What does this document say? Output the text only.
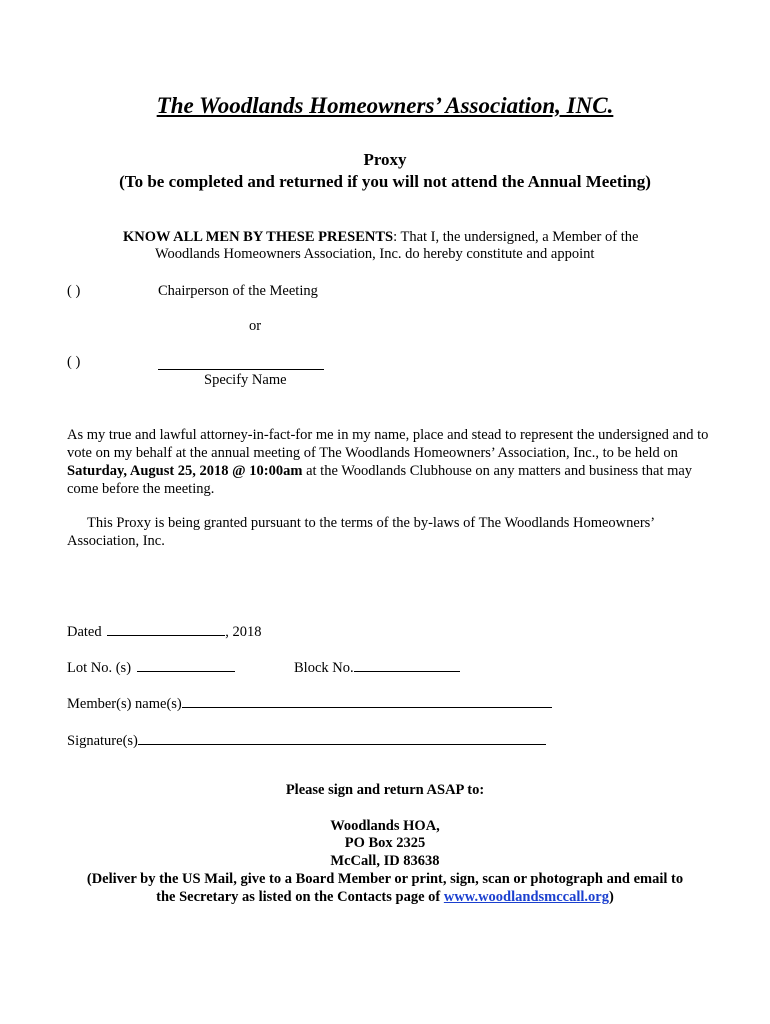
The Woodlands Homeowners’ Association, INC.
Proxy
(To be completed and returned if you will not attend the Annual Meeting)
KNOW ALL MEN BY THESE PRESENTS: That I, the undersigned, a Member of the
Woodlands Homeowners Association, Inc. do hereby constitute and appoint
( )	Chairperson of the Meeting
or
( )
Specify Name
As my true and lawful attorney-in-fact-for me in my name, place and stead to represent the undersigned and to vote on my behalf at the annual meeting of The Woodlands Homeowners’ Association, Inc., to be held on Saturday, August 25, 2018 @ 10:00am at the Woodlands Clubhouse on any matters and business that may come before the meeting.
This Proxy is being granted pursuant to the terms of the by-laws of The Woodlands Homeowners’ Association, Inc.
Dated	, 2018
Lot No. (s)	Block No.
Member(s) name(s)
Signature(s)
Please sign and return ASAP to:
Woodlands HOA,
PO Box 2325
McCall, ID 83638
(Deliver by the US Mail, give to a Board Member or print, sign, scan or photograph and email to
the Secretary as listed on the Contacts page of www.woodlandsmccall.org)
